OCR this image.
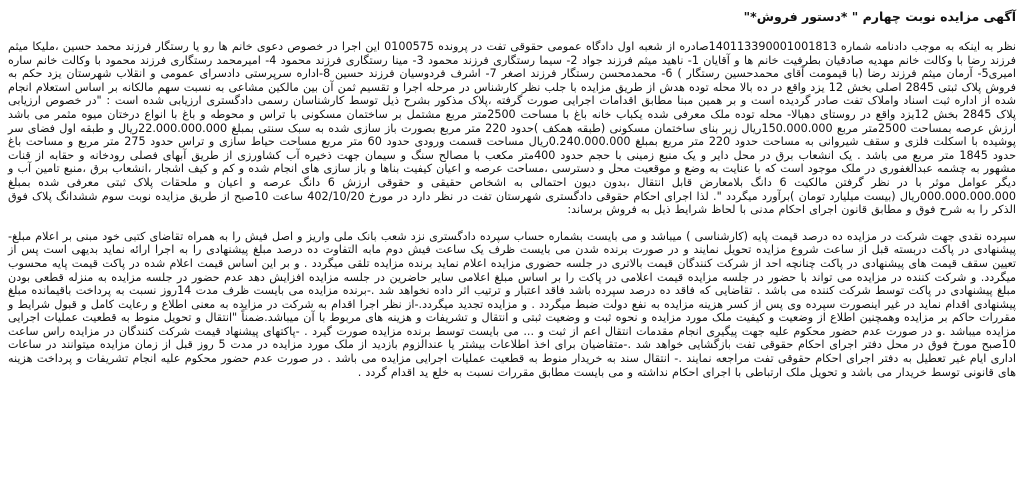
آگهی مزایده نوبت چهارم " *دستور فروش*"

نظر به اینکه به موجب دادنامه شماره 140113390001001813صادره از شعبه اول دادگاه عمومی حقوقی تفت در پرونده 0100575 این اجرا در خصوص دعوی خانم ها رو یا رستگار فرزند محمد حسین ،ملیکا میثم فرزند رضا با وکالت خانم مهدیه صادقیان بطرفیت خانم ها و آقایان 1- ناهید میثم فرزند جواد 2- سیما رستگاری فرزند محمود 3- مینا رستگاری فرزند محمود 4- امیرمحمد رستگاری فرزند محمود با وکالت خانم ساره امیری5- آرمان میثم فرزند رضا (با قیمومت آقای محمدحسین رستگار ) 6- محمدمحسن رستگار فرزند اصغر 7- اشرف فردوسیان فرزند حسین 8-اداره سرپرستی دادسرای عمومی و انقلاب شهرستان یزد حکم به فروش پلاک ثبتی 2845 اصلی بخش 12 یزد واقع در ده بالا محله توده هدش از طریق مزایده با جلب نظر کارشناس در مرحله اجرا و تقسیم ثمن آن بین مالکین مشاعی به نسبت سهم مالکانه بر اساس استعلام انجام شده از اداره ثبت اسناد واملاک تفت صادر گردیده است و بر همین مبنا مطابق اقدامات اجرایی صورت گرفته ،پلاک مذکور بشرح ذیل توسط کارشناسان رسمی دادگستری ارزیابی شده است : "در خصوص ارزیابی پلاک 2845 بخش 12یزد واقع در روستای دهبالا- محله توده ملک معرفی شده یکباب خانه باغ با مساحت 2500متر مربع مشتمل بر ساختمان مسکونی با تراس و محوطه و باغ با انواع درختان میوه مثمر می باشد ارزش عرصه بمساحت 2500متر مربع 150.000.000ریال زیر بنای ساختمان مسکونی (طبقه همکف )حدود 220 متر مربع بصورت باز سازی شده به سبک سنتی بمبلغ 22.000.000.000ریال و طبقه اول فضای سر پوشیده با اسکلت فلزی و سقف شیروانی به مساحت حدود 220 متر مربع بمبلغ 0.240.000.000ریال مساحت قسمت ورودی حدود 60 متر مربع مساحت حیاط سازی و تراس حدود 275 متر مربع و مساحت باغ حدود 1845 متر مربع می باشد . یک انشعاب برق در محل دایر و یک منبع زمینی با حجم حدود 400متر مکعب با مصالح سنگ و سیمان جهت ذخیره آب کشاورزی از طریق آبهای فصلی رودخانه و حقابه از قنات مشهور به چشمه عبدالغفوری در ملک موجود است که با عنایت به وضع و موقعیت محل و دسترسی ،مساحت عرصه و اعیان کیفیت بناها و باز سازی های انجام شده و کم و کیف اشجار ،انشعاب برق ،منبع تامین آب و دیگر عوامل موثر با در نظر گرفتن مالکیت 6 دانگ بلامعارض قابل انتقال ،بدون دیون احتمالی به اشخاص حقیقی و حقوقی ارزش 6 دانگ عرصه و اعیان و ملحقات پلاک ثبتی معرفی شده بمبلغ 000.000.000.000ریال (بیست میلیارد تومان )برآورد میگردد ". لذا اجرای احکام حقوقی دادگستری شهرستان تفت در نظر دارد در مورخ 402/10/20 ساعت 10صبح از طریق مزایده نوبت سوم ششدانگ پلاک فوق الذکر را به شرح فوق و مطابق قانون اجرای احکام مدنی با لحاظ شرایط ذیل به فروش برساند:

سپرده نقدی جهت شرکت در مزایده ده درصد قیمت پایه (کارشناسی ) میباشد و می بایست بشماره حساب سپرده دادگستری نزد شعب بانک ملی واریز و اصل فیش را به همراه تقاضای کتبی خود مبنی بر اعلام مبلغ- پیشنهادی در پاکت دربسته قبل از ساعت شروع مزایده تحویل نمایند و در صورت برنده شدن می بایست ظرف یک ساعت فیش دوم مابه التفاوت ده درصد مبلغ پیشنهادی را به اجرا ارائه نماید بدیهی است پس از تعیین سقف قیمت های پیشنهادی در پاکت چنانچه احد از شرکت کنندگان قیمت بالاتری در جلسه حضوری مزایده اعلام نماید برنده مزایده تلقی میگردد . و بر این اساس قیمت اعلام شده در پاکت قیمت پایه محسوب میگردد. و شرکت کننده در مزایده می تواند با حضور در جلسه مزایده قیمت اعلامی در پاکت را بر اساس مبلغ اعلامی سایر حاضرین در جلسه مزایده افزایش دهد عدم حضور در جلسه مزایده به منزله قطعی بودن مبلغ پیشنهادی در پاکت توسط شرکت کننده می باشد . تقاضایی که فاقد ده درصد سپرده باشد فاقد اعتبار و ترتیب اثر داده نخواهد شد .-برنده مزایده می بایست ظرف مدت 14روز نسبت به پرداخت باقیمانده مبلغ پیشنهادی اقدام نماید در غیر اینصورت سپرده وی پس از کسر هزینه مزایده به نفع دولت ضبط میگردد . و مزایده تجدید میگردد.-از نظر اجرا اقدام به شرکت در مزایده به معنی اطلاع و رعایت کامل و قبول شرایط و مقررات حاکم بر مزایده وهمچنین اطلاع از وضعیت و کیفیت ملک مورد مزایده و نحوه ثبت و وضعیت ثبتی و انتقال و تشریفات و هزینه های مربوط با آن میباشد.ضمناً "انتقال و تحویل منوط به قطعیت عملیات اجرایی مزایده میباشد .و در صورت عدم حضور محکوم علیه جهت پیگیری انجام مقدمات انتقال اعم از ثبت و ... می بایست توسط برنده مزایده صورت گیرد . -پاکتهای پیشنهاد قیمت شرکت کنندگان در مزایده راس ساعت 10صبح مورخ فوق در محل دفتر اجرای احکام حقوقی تفت بازگشایی خواهد شد .-متقاضیان برای اخذ اطلاعات بیشتر یا عندالزوم بازدید از ملک مورد مزایده در مدت 5 روز قبل از زمان مزایده میتوانند در ساعات اداری ایام غیر تعطیل به دفتر اجرای احکام حقوقی تفت مراجعه نمایند .- انتقال سند به خریدار منوط به قطعیت عملیات اجرایی مزایده می باشد . در صورت عدم حضور محکوم علیه انجام تشریفات و پرداخت هزینه های قانونی توسط خریدار می باشد و تحویل ملک ارتباطی با اجرای احکام نداشته و می بایست مطابق مقررات نسبت به خلع ید اقدام گردد .
